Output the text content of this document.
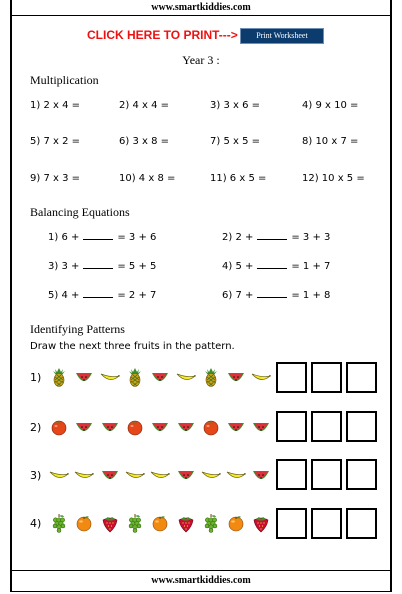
www.smartkiddies.com
CLICK HERE TO PRINT--->	Print Worksheet
Year 3 :
Multiplication
1) 2 x 4 =	2) 4 x 4 =	3) 3 x 6 =	4) 9 x 10 =
5) 7 x 2 =	6) 3 x 8 =	7) 5 x 5 =	8) 10 x 7 =
9) 7 x 3 =	10) 4 x 8 =	11) 6 x 5 =	12) 10 x 5 =
Balancing Equations
1) 6 +	= 3 + 6	2) 2 +	= 3 + 3
3) 3 +	= 5 + 5	4) 5 +	= 1 + 7
5) 4 +	= 2 + 7	6) 7 +	= 1 + 8
Identifying Patterns
Draw the next three fruits in the pattern.
1)
2)
3)
4)
www.smartkiddies.com
